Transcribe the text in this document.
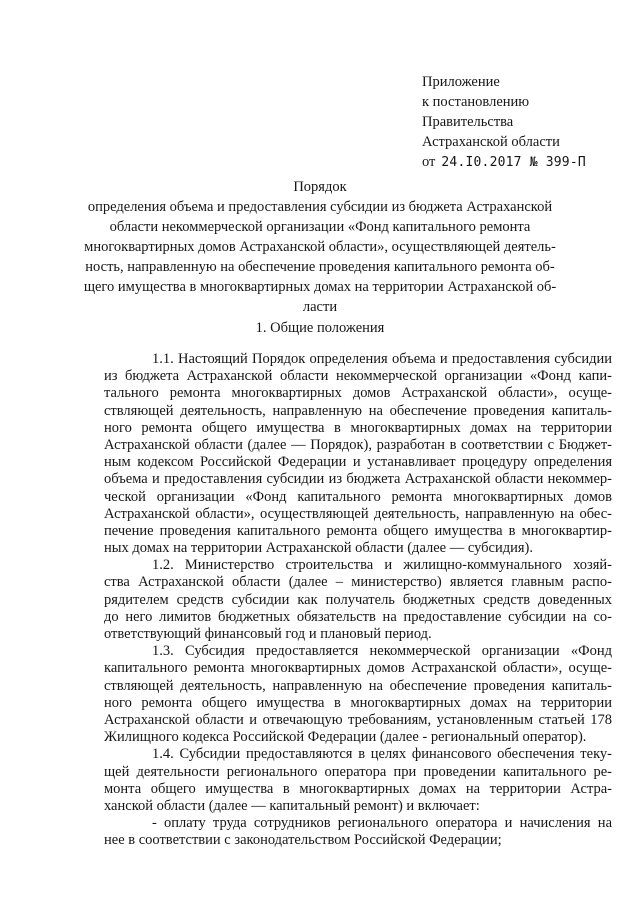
Приложение
к постановлению
Правительства
Астраханской области
от 24.I0.2017 № 399-П
Порядок
определения объема и предоставления субсидии из бюджета Астраханской
области некоммерческой организации «Фонд капитального ремонта
многоквартирных домов Астраханской области», осуществляющей деятель-
ность, направленную на обеспечение проведения капитального ремонта об-
щего имущества в многоквартирных домах на территории Астраханской об-
ласти
1. Общие положения
1.1. Настоящий Порядок определения объема и предоставления субсидии
из бюджета Астраханской области некоммерческой организации «Фонд капи-
тального ремонта многоквартирных домов Астраханской области», осуще-
ствляющей деятельность, направленную на обеспечение проведения капиталь-
ного ремонта общего имущества в многоквартирных домах на территории
Астраханской области (далее — Порядок), разработан в соответствии с Бюджет-
ным кодексом Российской Федерации и устанавливает процедуру определения
объема и предоставления субсидии из бюджета Астраханской области некоммер-
ческой организации «Фонд капитального ремонта многоквартирных домов
Астраханской области», осуществляющей деятельность, направленную на обес-
печение проведения капитального ремонта общего имущества в многоквартир-
ных домах на территории Астраханской области (далее — субсидия).
1.2. Министерство строительства и жилищно-коммунального хозяй-
ства Астраханской области (далее – министерство) является главным распо-
рядителем средств субсидии как получатель бюджетных средств доведенных
до него лимитов бюджетных обязательств на предоставление субсидии на со-
ответствующий финансовый год и плановый период.
1.3. Субсидия предоставляется некоммерческой организации «Фонд
капитального ремонта многоквартирных домов Астраханской области», осуще-
ствляющей деятельность, направленную на обеспечение проведения капиталь-
ного ремонта общего имущества в многоквартирных домах на территории
Астраханской области и отвечающую требованиям, установленным статьей 178
Жилищного кодекса Российской Федерации (далее - региональный оператор).
1.4. Субсидии предоставляются в целях финансового обеспечения теку-
щей деятельности регионального оператора при проведении капитального ре-
монта общего имущества в многоквартирных домах на территории Астра-
ханской области (далее — капитальный ремонт) и включает:
- оплату труда сотрудников регионального оператора и начисления на
нее в соответствии с законодательством Российской Федерации;
